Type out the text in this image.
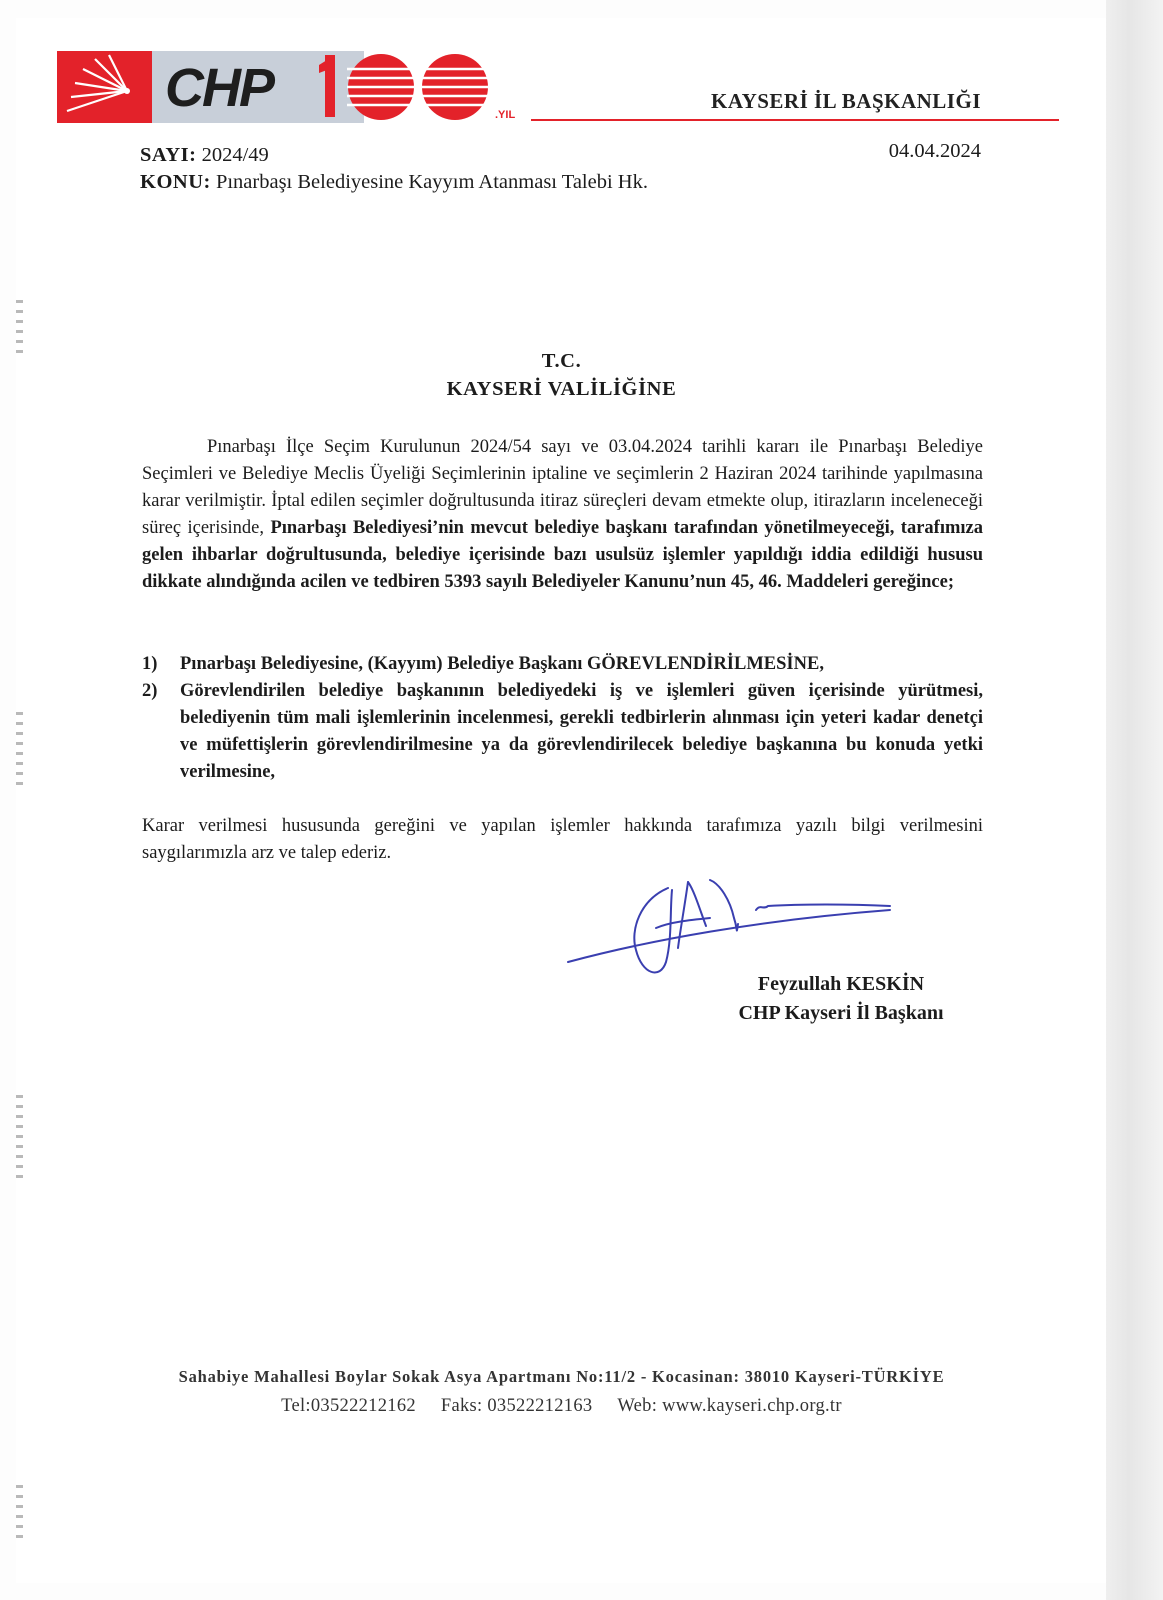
CHP	.YIL
KAYSERİ İL BAŞKANLIĞI
SAYI: 2024/49
KONU: Pınarbaşı Belediyesine Kayyım Atanması Talebi Hk.
04.04.2024
T.C.
KAYSERİ VALİLİĞİNE
Pınarbaşı İlçe Seçim Kurulunun 2024/54 sayı ve 03.04.2024 tarihli kararı ile Pınarbaşı Belediye Seçimleri ve Belediye Meclis Üyeliği Seçimlerinin iptaline ve seçimlerin 2 Haziran 2024 tarihinde yapılmasına karar verilmiştir. İptal edilen seçimler doğrultusunda itiraz süreçleri devam etmekte olup, itirazların inceleneceği süreç içerisinde, Pınarbaşı Belediyesi’nin mevcut belediye başkanı tarafından yönetilmeyeceği, tarafımıza gelen ihbarlar doğrultusunda, belediye içerisinde bazı usulsüz işlemler yapıldığı iddia edildiği hususu dikkate alındığında acilen ve tedbiren 5393 sayılı Belediyeler Kanunu’nun 45, 46. Maddeleri gereğince;
1)	Pınarbaşı Belediyesine, (Kayyım) Belediye Başkanı GÖREVLENDİRİLMESİNE,
2)	Görevlendirilen belediye başkanının belediyedeki iş ve işlemleri güven içerisinde yürütmesi, belediyenin tüm mali işlemlerinin incelenmesi, gerekli tedbirlerin alınması için yeteri kadar denetçi ve müfettişlerin görevlendirilmesine ya da görevlendirilecek belediye başkanına bu konuda yetki verilmesine,
Karar verilmesi hususunda gereğini ve yapılan işlemler hakkında tarafımıza yazılı bilgi verilmesini saygılarımızla arz ve talep ederiz.
Feyzullah KESKİN
CHP Kayseri İl Başkanı
Sahabiye Mahallesi Boylar Sokak Asya Apartmanı No:11/2 - Kocasinan: 38010 Kayseri-TÜRKİYE
Tel:03522212162 Faks: 03522212163 Web: www.kayseri.chp.org.tr
